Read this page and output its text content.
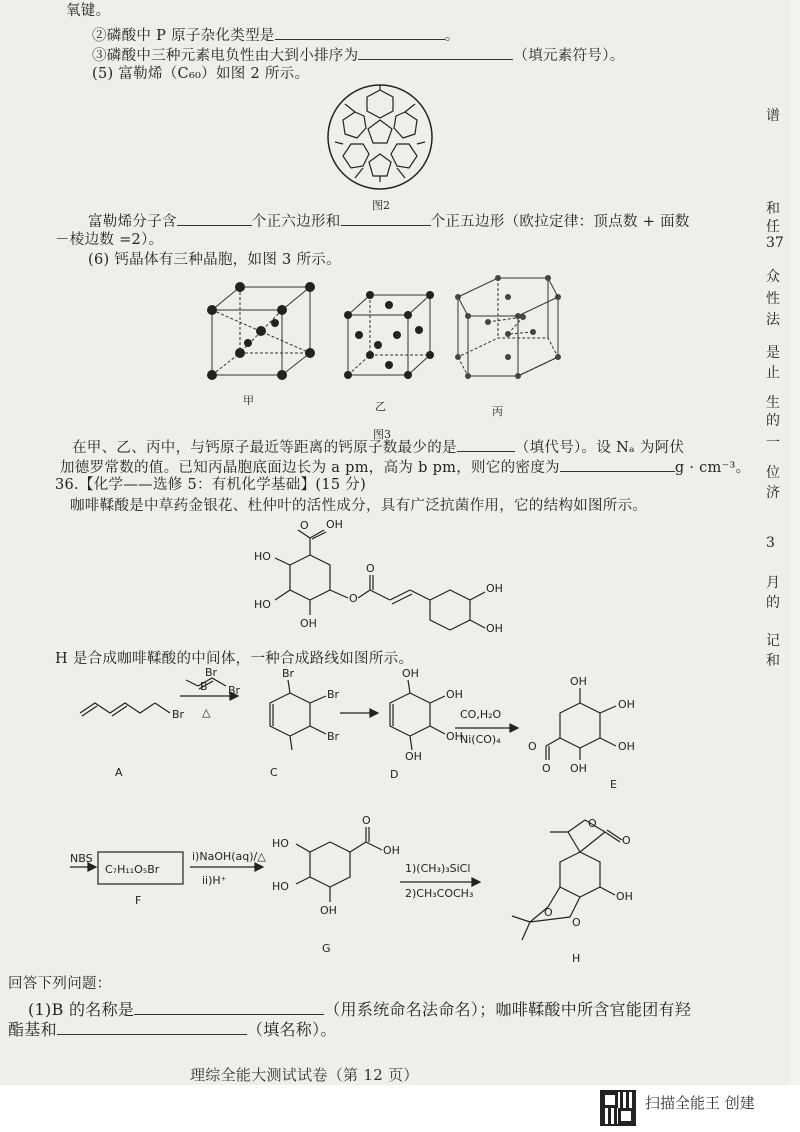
氧键。
②磷酸中 P 原子杂化类型是	。
③磷酸中三种元素电负性由大到小排序为	（填元素符号）。
(5) 富勒烯（C₆₀）如图 2 所示。
图2
富勒烯分子含	个正六边形和	个正五边形（欧拉定律：顶点数 + 面数
－棱边数 =2）。
(6) 钙晶体有三种晶胞，如图 3 所示。
甲	乙	丙
图3
在甲、乙、丙中，与钙原子最近等距离的钙原子数最少的是	（填代号）。设 Nₐ 为阿伏
加德罗常数的值。已知丙晶胞底面边长为 a pm，高为 b pm，则它的密度为	g · cm⁻³。
36.【化学——选修 5：有机化学基础】(15 分)
咖啡鞣酸是中草药金银花、杜仲叶的活性成分，具有广泛抗菌作用，它的结构如图所示。
O OH
HO
HO
OH
O
O
OH
OH
H 是合成咖啡鞣酸的中间体，一种合成路线如图所示。
Br
Br
Br
B
△
Br
Br
Br
OH
OH
OH
OH
CO,H₂O
Ni(CO)₄
OH
OH
OH
OH
O
O
A	C	D
E
NBS
C₇H₁₁O₅Br
i)NaOH(aq)/△
ii)H⁺
O
OH
HO
HO
OH
1)(CH₃)₃SiCl
2)CH₃COCH₃
O
O
OH
O
O
F
G
H
回答下列问题：
(1)B 的名称是	（用系统命名法命名）；咖啡鞣酸中所含官能团有羟
酯基和	（填名称）。
理综全能大测试试卷（第 12 页）
谱
和
任
37
众
性
法
是
止
生
的
一
位
济
3
月
的
记
和
扫描全能王 创建
